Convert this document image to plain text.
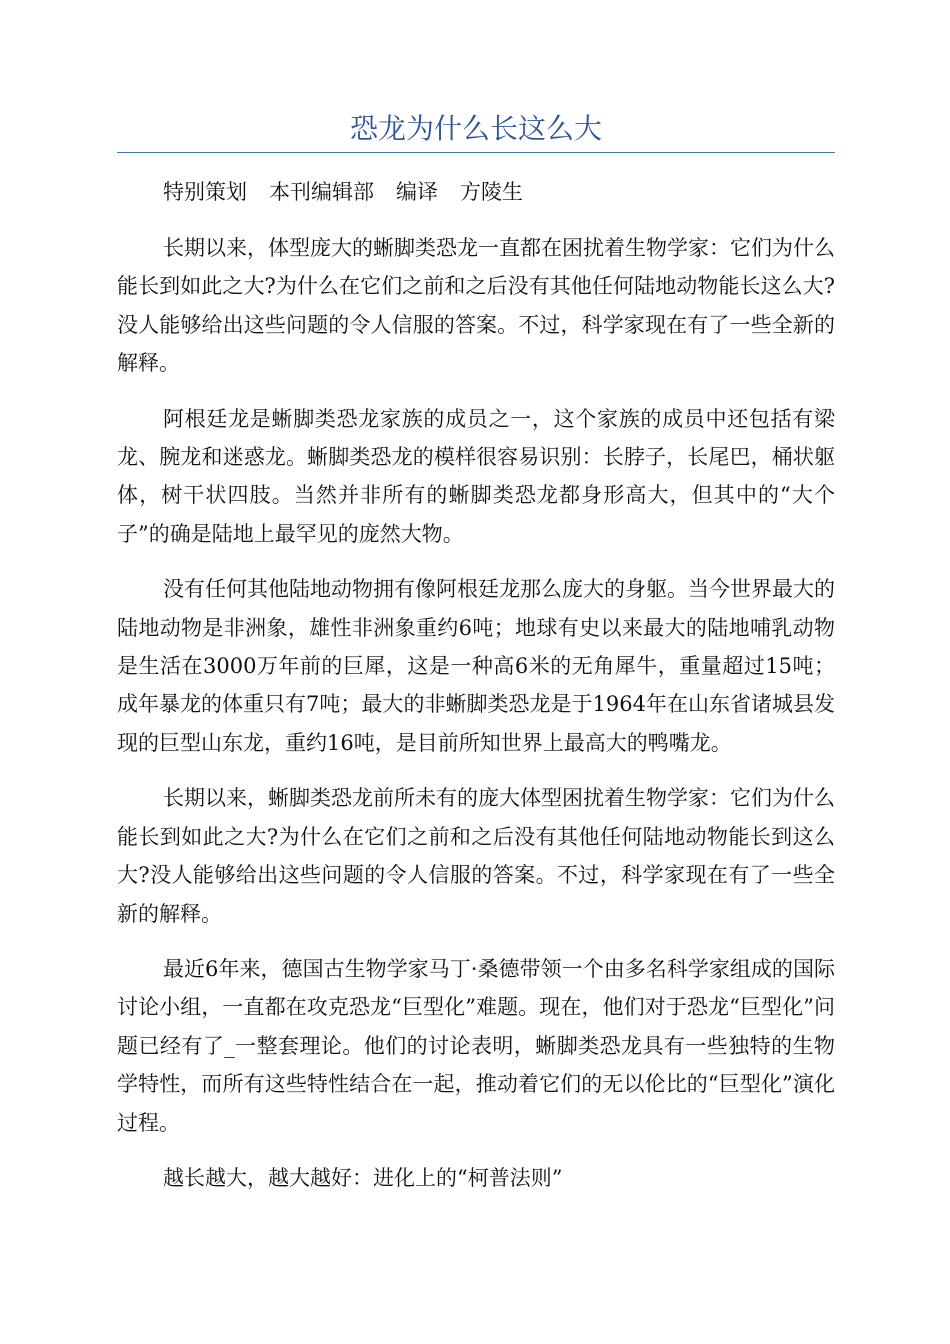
恐龙为什么长这么大

特别策划 本刊编辑部 编译 方陵生

长期以来，体型庞大的蜥脚类恐龙一直都在困扰着生物学家：它们为什么能长到如此之大?为什么在它们之前和之后没有其他任何陆地动物能长这么大?没人能够给出这些问题的令人信服的答案。不过，科学家现在有了一些全新的解释。

阿根廷龙是蜥脚类恐龙家族的成员之一，这个家族的成员中还包括有梁龙、腕龙和迷惑龙。蜥脚类恐龙的模样很容易识别：长脖子，长尾巴，桶状躯体，树干状四肢。当然并非所有的蜥脚类恐龙都身形高大，但其中的“大个子”的确是陆地上最罕见的庞然大物。

没有任何其他陆地动物拥有像阿根廷龙那么庞大的身躯。当今世界最大的陆地动物是非洲象，雄性非洲象重约6吨；地球有史以来最大的陆地哺乳动物是生活在3000万年前的巨犀，这是一种高6米的无角犀牛，重量超过15吨；成年暴龙的体重只有7吨；最大的非蜥脚类恐龙是于1964年在山东省诸城县发现的巨型山东龙，重约16吨，是目前所知世界上最高大的鸭嘴龙。

长期以来，蜥脚类恐龙前所未有的庞大体型困扰着生物学家：它们为什么能长到如此之大?为什么在它们之前和之后没有其他任何陆地动物能长到这么大?没人能够给出这些问题的令人信服的答案。不过，科学家现在有了一些全新的解释。

最近6年来，德国古生物学家马丁·桑德带领一个由多名科学家组成的国际讨论小组，一直都在攻克恐龙“巨型化”难题。现在，他们对于恐龙“巨型化”问题已经有了_一整套理论。他们的讨论表明，蜥脚类恐龙具有一些独特的生物学特性，而所有这些特性结合在一起，推动着它们的无以伦比的“巨型化”演化过程。

越长越大，越大越好：进化上的“柯普法则”
